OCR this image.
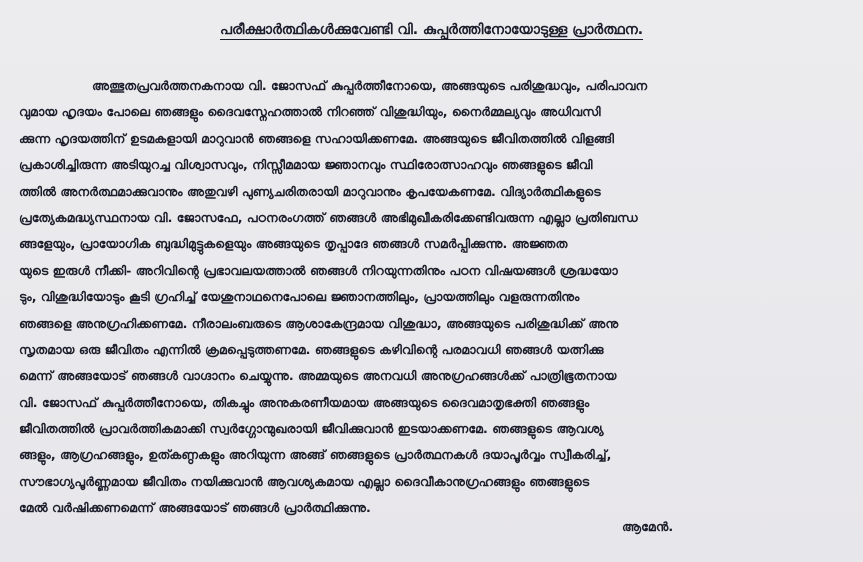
പരീക്ഷാർത്ഥികൾക്കുവേണ്ടി വി. കുപ്പർത്തിനോയോടുള്ള പ്രാർത്ഥന.
അത്ഭുതപ്രവർത്തനകനായ വി. ജോസഫ് കുപ്പർത്തീനോയെ, അങ്ങയുടെ പരിശുദ്ധവും, പരിപാവന
വുമായ ഹൃദയം പോലെ ഞങ്ങളും ദൈവസ്നേഹത്താൽ നിറഞ്ഞ് വിശുദ്ധിയും, നൈർമ്മല്യവും അധിവസി
ക്കുന്ന ഹൃദയത്തിന് ഉടമകളായി മാറുവാൻ ഞങ്ങളെ സഹായിക്കണമേ. അങ്ങയുടെ ജീവിതത്തിൽ വിളങ്ങി
പ്രകാശിച്ചിരുന്ന അടിയുറച്ച വിശ്വാസവും, നിസ്സീമമായ ജ്ഞാനവും സ്ഥിരോത്സാഹവും ഞങ്ങളുടെ ജീവി
ത്തിൽ അനർത്ഥമാക്കുവാനും അതുവഴി പുണ്യചരിതരായി മാറുവാനും കൃപയേകണമേ. വിദ്യാർത്ഥികളുടെ
പ്രത്യേകമദ്ധ്യസ്ഥനായ വി. ജോസഫേ, പഠനരംഗത്ത് ഞങ്ങൾ അഭിമുഖീകരിക്കേണ്ടിവരുന്ന എല്ലാ പ്രതിബന്ധ
ങ്ങളേയും, പ്രായോഗിക ബുദ്ധിമുട്ടുകളെയും അങ്ങയുടെ തൃപ്പാദേ ഞങ്ങൾ സമർപ്പിക്കുന്നു. അജ്ഞത
യുടെ ഇരുൾ നീക്കി- അറിവിന്റെ പ്രഭാവലയത്താൽ ഞങ്ങൾ നിറയുന്നതിനും പഠന വിഷയങ്ങൾ ശ്രദ്ധയോ
ടും, വിശുദ്ധിയോടും കൂടി ഗ്രഹിച്ച് യേശുനാഥനെപോലെ ജ്ഞാനത്തിലും, പ്രായത്തിലും വളരുന്നതിനും
ഞങ്ങളെ അനുഗ്രഹിക്കണമേ. നീരാലംബരുടെ ആശാകേന്ദ്രമായ വിശുദ്ധാ, അങ്ങയുടെ പരിശുദ്ധിക്ക് അനു
സൃതമായ ഒരു ജീവിതം എന്നിൽ ക്രമപ്പെടുത്തണമേ. ഞങ്ങളുടെ കഴിവിന്റെ പരമാവധി ഞങ്ങൾ യത്നിക്കു
മെന്ന് അങ്ങയോട് ഞങ്ങൾ വാഗ്ദാനം ചെയ്യുന്നു. അമ്മയുടെ അനവധി അനുഗ്രഹങ്ങൾക്ക് പാത്രിഭൂതനായ
വി. ജോസഫ് കുപ്പർത്തീനോയെ, തികച്ചും അനുകരണീയമായ അങ്ങയുടെ ദൈവമാതൃഭക്തി ഞങ്ങളും
ജീവിതത്തിൽ പ്രാവർത്തികമാക്കി സ്വർഗ്ഗോന്മുഖരായി ജീവിക്കുവാൻ ഇടയാക്കണമേ. ഞങ്ങളുടെ ആവശ്യ
ങ്ങളും, ആഗ്രഹങ്ങളും, ഉത്കണ്ഠകളും അറിയുന്ന അങ്ങ് ഞങ്ങളുടെ പ്രാർത്ഥനകൾ ദയാപൂർവ്വം സ്വീകരിച്ച്,
സൗഭാഗ്യപൂർണ്ണമായ ജീവിതം നയിക്കുവാൻ ആവശ്യകമായ എല്ലാ ദൈവീകാനുഗ്രഹങ്ങളും ഞങ്ങളുടെ
മേൽ വർഷിക്കണമെന്ന് അങ്ങയോട് ഞങ്ങൾ പ്രാർത്ഥിക്കുന്നു.
ആമേൻ.
